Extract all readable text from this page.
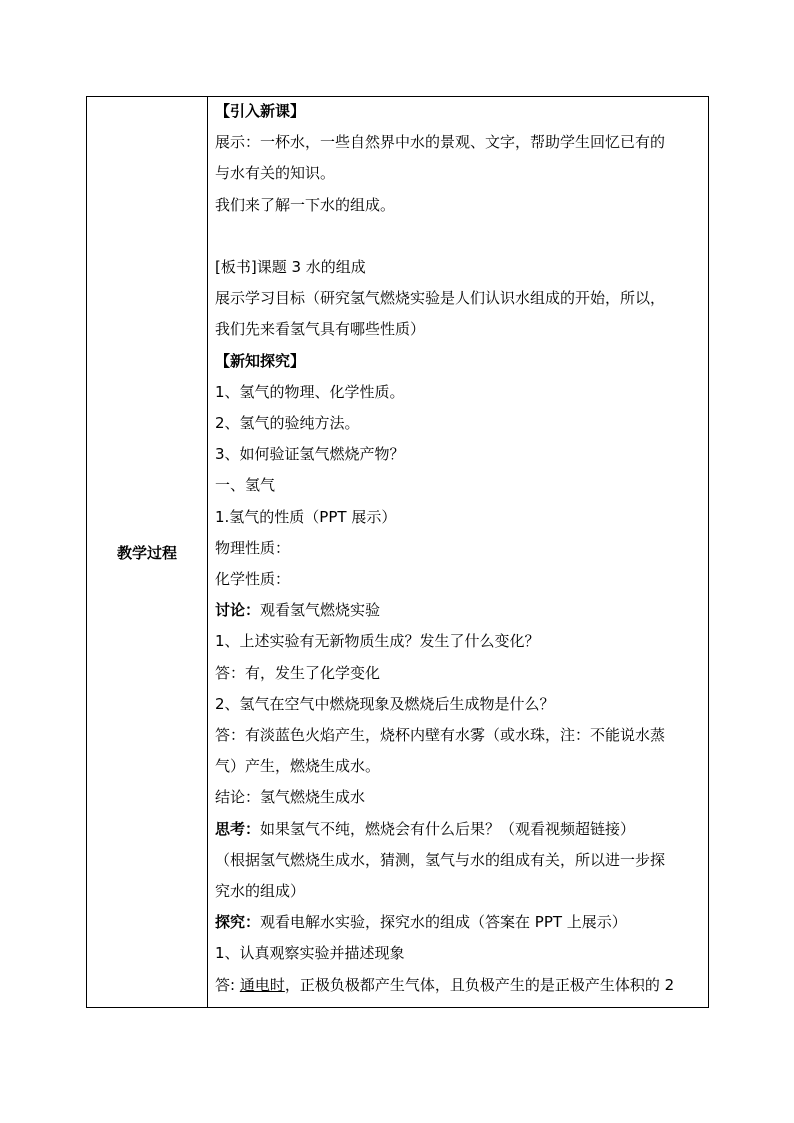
教学过程
【引入新课】
展示：一杯水，一些自然界中水的景观、文字，帮助学生回忆已有的
与水有关的知识。
我们来了解一下水的组成。
[板书]课题 3 水的组成
展示学习目标（研究氢气燃烧实验是人们认识水组成的开始，所以，
我们先来看氢气具有哪些性质）
【新知探究】
1、氢气的物理、化学性质。
2、氢气的验纯方法。
3、如何验证氢气燃烧产物？
一、氢气
1.氢气的性质（PPT 展示）
物理性质：
化学性质：
讨论：观看氢气燃烧实验
1、上述实验有无新物质生成？发生了什么变化？
答：有，发生了化学变化
2、氢气在空气中燃烧现象及燃烧后生成物是什么？
答：有淡蓝色火焰产生，烧杯内壁有水雾（或水珠，注：不能说水蒸
气）产生，燃烧生成水。
结论：氢气燃烧生成水
思考：如果氢气不纯，燃烧会有什么后果？（观看视频超链接）
（根据氢气燃烧生成水，猜测，氢气与水的组成有关，所以进一步探
究水的组成）
探究：观看电解水实验，探究水的组成（答案在 PPT 上展示）
1、认真观察实验并描述现象
答: 通电时，正极负极都产生气体，且负极产生的是正极产生体积的 2
